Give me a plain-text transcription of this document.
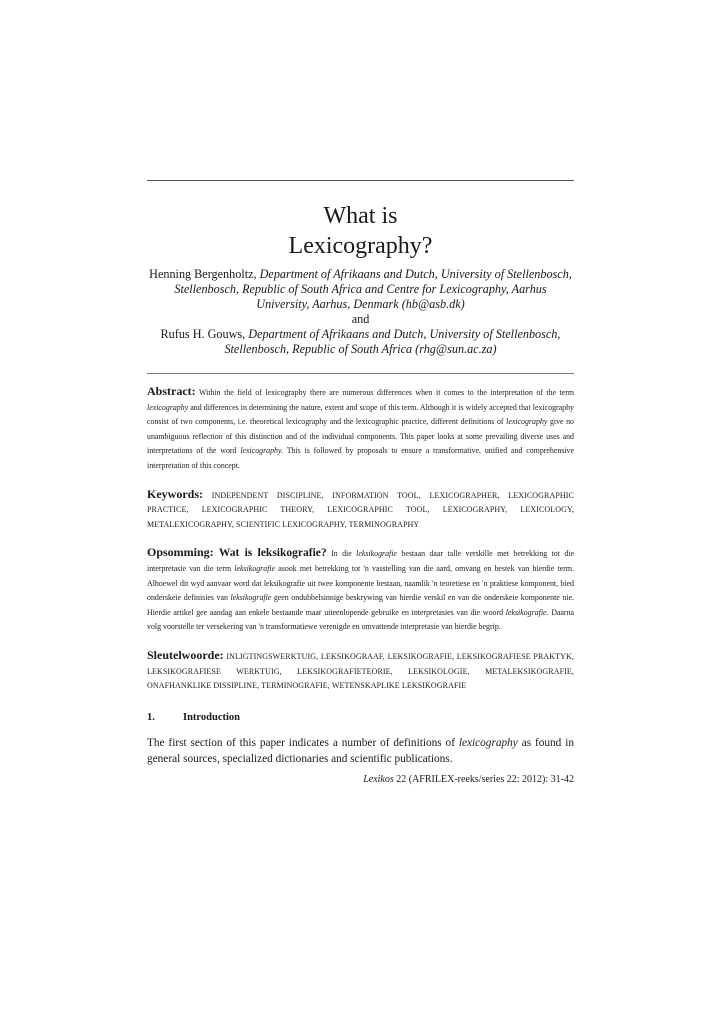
What is
Lexicography?
Henning Bergenholtz, Department of Afrikaans and Dutch, University of Stellenbosch, Stellenbosch, Republic of South Africa and Centre for Lexicography, Aarhus University, Aarhus, Denmark (hb@asb.dk)
and
Rufus H. Gouws, Department of Afrikaans and Dutch, University of Stellenbosch, Stellenbosch, Republic of South Africa (rhg@sun.ac.za)

Abstract: Within the field of lexicography there are numerous differences when it comes to the interpretation of the term lexicography and differences in determining the nature, extent and scope of this term. Although it is widely accepted that lexicography consist of two components, i.e. theoretical lexicography and the lexicographic practice, different definitions of lexicography give no unambiguous reflection of this distinction and of the individual components. This paper looks at some prevailing diverse uses and interpretations of the word lexicography. This is followed by proposals to ensure a transformative, unified and comprehensive interpretation of this concept.

Keywords: INDEPENDENT DISCIPLINE, INFORMATION TOOL, LEXICOGRAPHER, LEXICOGRAPHIC PRACTICE, LEXICOGRAPHIC THEORY, LEXICOGRAPHIC TOOL, LEXICOGRAPHY, LEXICOLOGY, METALEXICOGRAPHY, SCIENTIFIC LEXICOGRAPHY, TERMINOGRAPHY

Opsomming: Wat is leksikografie? In die leksikografie bestaan daar talle verskille met betrekking tot die interpretasie van die term leksikografie asook met betrekking tot 'n vasstelling van die aard, omvang en bestek van hierdie term. Alhoewel dit wyd aanvaar word dat leksikografie uit twee komponente bestaan, naamlik 'n teoretiese en 'n praktiese komponent, bied onderskeie definisies van leksikografie geen ondubbelsinnige beskrywing van hierdie verskil en van die onderskeie komponente nie. Hierdie artikel gee aandag aan enkele bestaande maar uiteenlopende gebruike en interpretasies van die woord leksikografie. Daarna volg voorstelle ter versekering van 'n transformatiewe verenigde en omvattende interpretasie van hierdie begrip.

Sleutelwoorde: INLIGTINGSWERKTUIG, LEKSIKOGRAAF, LEKSIKOGRAFIE, LEKSIKOGRAFIESE PRAKTYK, LEKSIKOGRAFIESE WERKTUIG, LEKSIKOGRAFIETEORIE, LEKSIKOLOGIE, METALEKSIKOGRAFIE, ONAFHANKLIKE DISSIPLINE, TERMINOGRAFIE, WETENSKAPLIKE LEKSIKOGRAFIE

1.	Introduction

The first section of this paper indicates a number of definitions of lexicography as found in general sources, specialized dictionaries and scientific publications.

Lexikos 22 (AFRILEX-reeks/series 22: 2012): 31-42
